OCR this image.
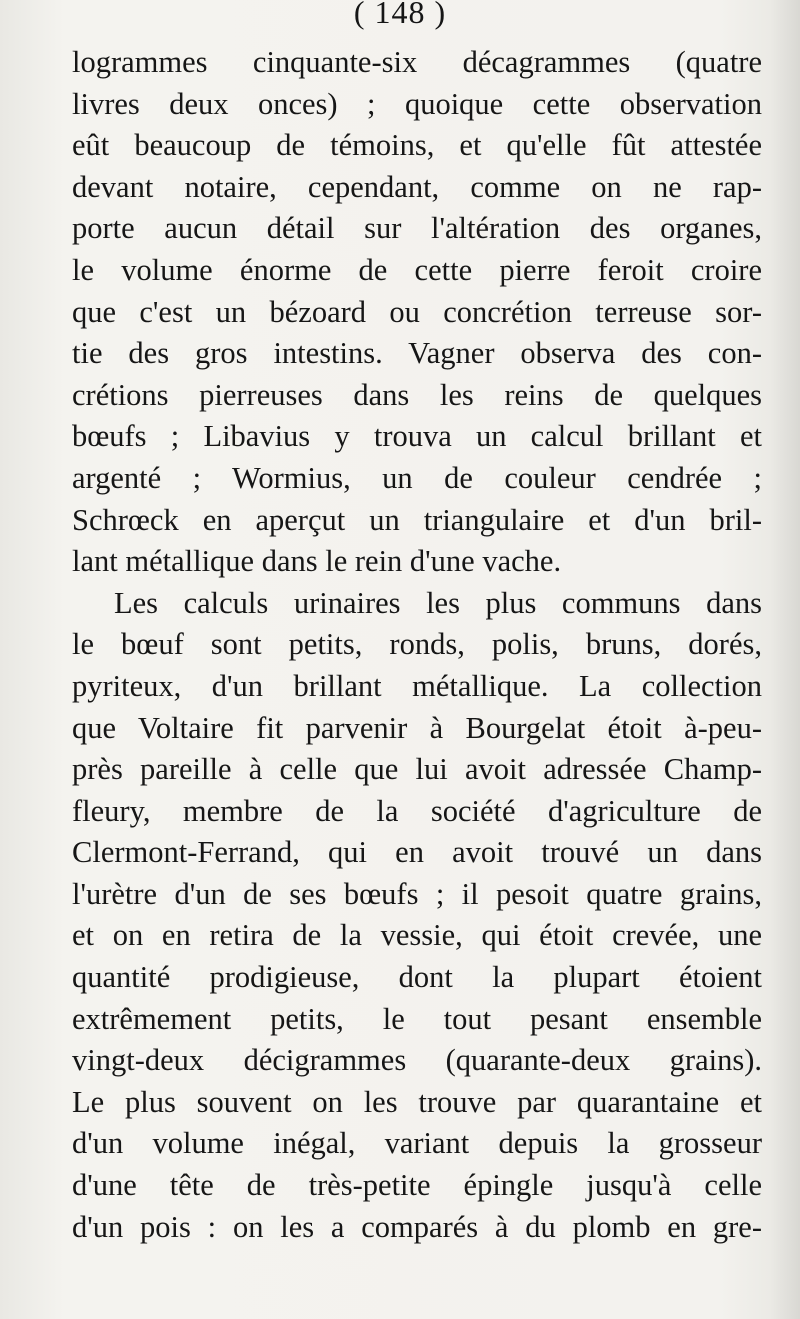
( 148 )
logrammes cinquante-six décagrammes (quatre
livres deux onces) ; quoique cette observation
eût beaucoup de témoins, et qu'elle fût attestée
devant notaire, cependant, comme on ne rap-
porte aucun détail sur l'altération des organes,
le volume énorme de cette pierre feroit croire
que c'est un bézoard ou concrétion terreuse sor-
tie des gros intestins. Vagner observa des con-
crétions pierreuses dans les reins de quelques
bœufs ; Libavius y trouva un calcul brillant et
argenté ; Wormius, un de couleur cendrée ;
Schrœck en aperçut un triangulaire et d'un bril-
lant métallique dans le rein d'une vache.
Les calculs urinaires les plus communs dans
le bœuf sont petits, ronds, polis, bruns, dorés,
pyriteux, d'un brillant métallique. La collection
que Voltaire fit parvenir à Bourgelat étoit à-peu-
près pareille à celle que lui avoit adressée Champ-
fleury, membre de la société d'agriculture de
Clermont-Ferrand, qui en avoit trouvé un dans
l'urètre d'un de ses bœufs ; il pesoit quatre grains,
et on en retira de la vessie, qui étoit crevée, une
quantité prodigieuse, dont la plupart étoient
extrêmement petits, le tout pesant ensemble
vingt-deux décigrammes (quarante-deux grains).
Le plus souvent on les trouve par quarantaine et
d'un volume inégal, variant depuis la grosseur
d'une tête de très-petite épingle jusqu'à celle
d'un pois : on les a comparés à du plomb en gre-
